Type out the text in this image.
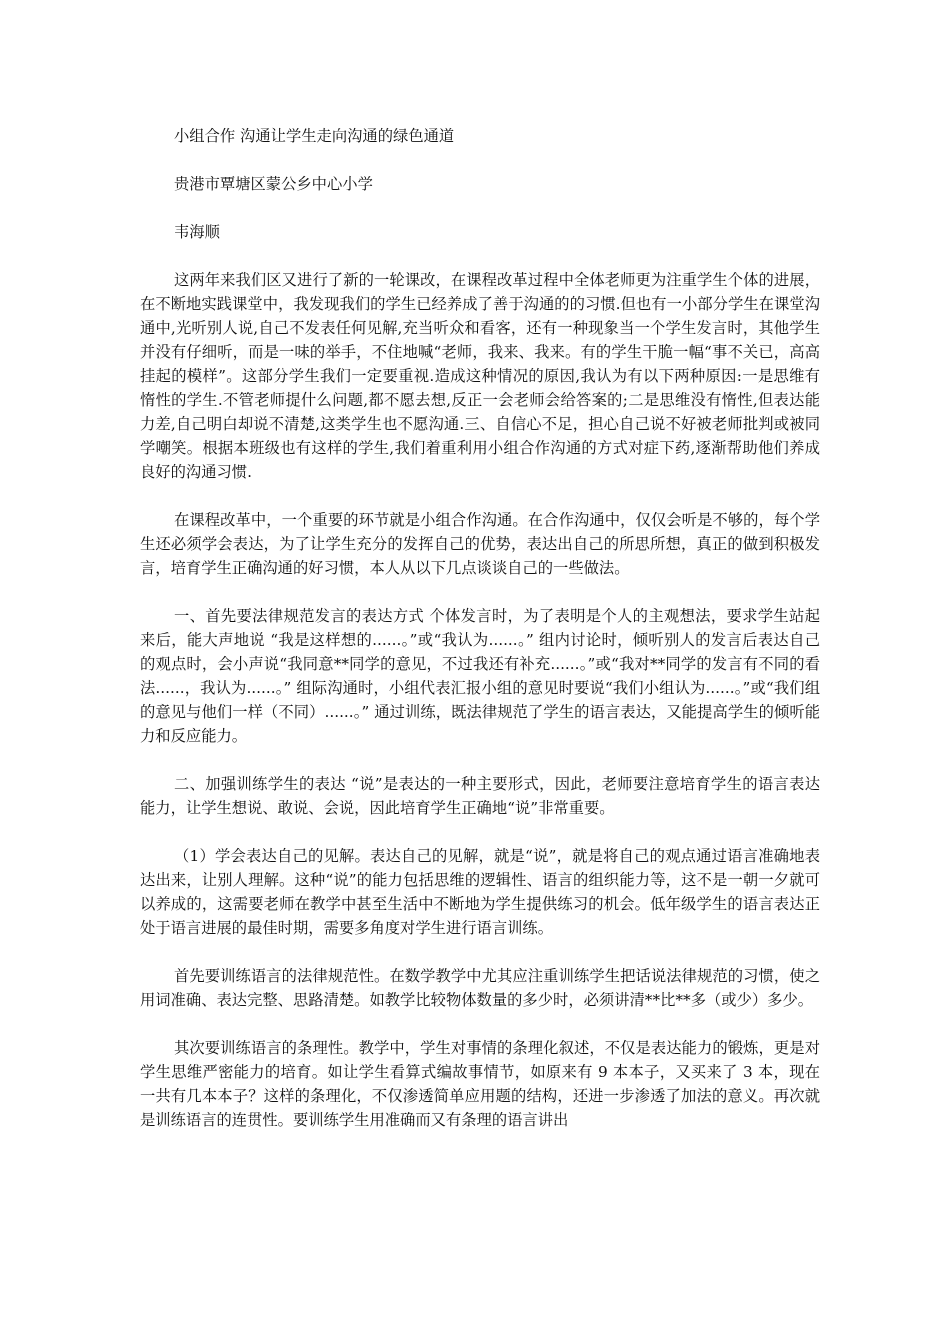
小组合作 沟通让学生走向沟通的绿色通道

贵港市覃塘区蒙公乡中心小学

韦海顺

这两年来我们区又进行了新的一轮课改，在课程改革过程中全体老师更为注重学生个体的进展，在不断地实践课堂中，我发现我们的学生已经养成了善于沟通的的习惯.但也有一小部分学生在课堂沟通中,光听别人说,自己不发表任何见解,充当听众和看客，还有一种现象当一个学生发言时，其他学生并没有仔细听，而是一味的举手，不住地喊“老师，我来、我来。有的学生干脆一幅“事不关已，高高挂起的模样”。这部分学生我们一定要重视.造成这种情况的原因,我认为有以下两种原因:一是思维有惰性的学生.不管老师提什么问题,都不愿去想,反正一会老师会给答案的;二是思维没有惰性,但表达能力差,自己明白却说不清楚,这类学生也不愿沟通.三、自信心不足，担心自己说不好被老师批判或被同学嘲笑。根据本班级也有这样的学生,我们着重利用小组合作沟通的方式对症下药,逐渐帮助他们养成良好的沟通习惯.

在课程改革中，一个重要的环节就是小组合作沟通。在合作沟通中，仅仅会听是不够的，每个学生还必须学会表达，为了让学生充分的发挥自己的优势，表达出自己的所思所想，真正的做到积极发言，培育学生正确沟通的好习惯，本人从以下几点谈谈自己的一些做法。

一、首先要法律规范发言的表达方式 个体发言时，为了表明是个人的主观想法，要求学生站起来后，能大声地说 “我是这样想的......。”或“我认为......。” 组内讨论时，倾听别人的发言后表达自己的观点时，会小声说“我同意**同学的意见，不过我还有补充......。”或“我对**同学的发言有不同的看法......，我认为......。” 组际沟通时，小组代表汇报小组的意见时要说“我们小组认为......。”或“我们组的意见与他们一样（不同）......。” 通过训练，既法律规范了学生的语言表达，又能提高学生的倾听能力和反应能力。

二、加强训练学生的表达 “说”是表达的一种主要形式，因此，老师要注意培育学生的语言表达能力，让学生想说、敢说、会说，因此培育学生正确地“说”非常重要。

（1）学会表达自己的见解。表达自己的见解，就是“说”，就是将自己的观点通过语言准确地表达出来，让别人理解。这种“说”的能力包括思维的逻辑性、语言的组织能力等，这不是一朝一夕就可以养成的，这需要老师在教学中甚至生活中不断地为学生提供练习的机会。低年级学生的语言表达正处于语言进展的最佳时期，需要多角度对学生进行语言训练。

首先要训练语言的法律规范性。在数学教学中尤其应注重训练学生把话说法律规范的习惯，使之用词准确、表达完整、思路清楚。如教学比较物体数量的多少时，必须讲清**比**多（或少）多少。

其次要训练语言的条理性。教学中，学生对事情的条理化叙述，不仅是表达能力的锻炼，更是对学生思维严密能力的培育。如让学生看算式编故事情节，如原来有 9 本本子，又买来了 3 本，现在一共有几本本子？这样的条理化，不仅渗透简单应用题的结构，还进一步渗透了加法的意义。再次就是训练语言的连贯性。要训练学生用准确而又有条理的语言讲出
